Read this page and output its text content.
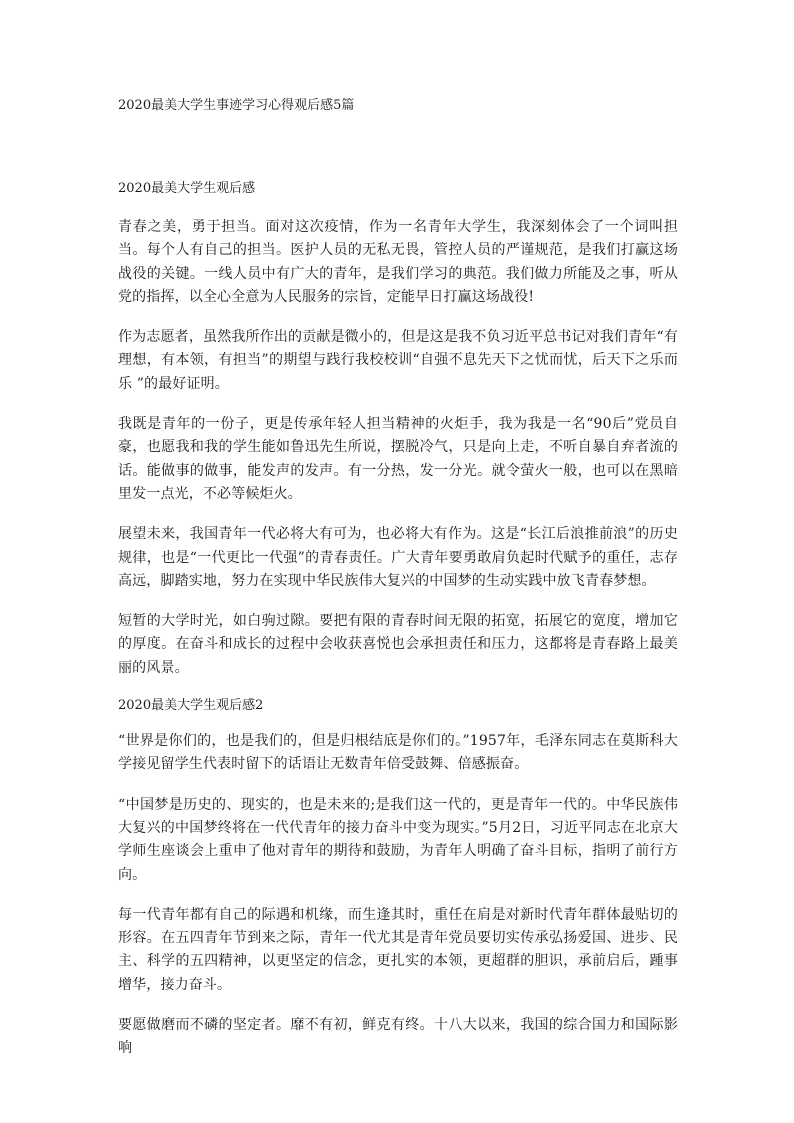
2020最美大学生事迹学习心得观后感5篇
2020最美大学生观后感

青春之美，勇于担当。面对这次疫情，作为一名青年大学生，我深刻体会了一个词叫担当。每个人有自己的担当。医护人员的无私无畏，管控人员的严谨规范，是我们打赢这场战役的关键。一线人员中有广大的青年，是我们学习的典范。我们做力所能及之事，听从党的指挥，以全心全意为人民服务的宗旨，定能早日打赢这场战役!

作为志愿者，虽然我所作出的贡献是微小的，但是这是我不负习近平总书记对我们青年“有理想，有本领，有担当”的期望与践行我校校训“自强不息先天下之忧而忧，后天下之乐而乐 ”的最好证明。

我既是青年的一份子，更是传承年轻人担当精神的火炬手，我为我是一名“90后”党员自豪，也愿我和我的学生能如鲁迅先生所说，摆脱冷气，只是向上走，不听自暴自弃者流的话。能做事的做事，能发声的发声。有一分热，发一分光。就令萤火一般，也可以在黑暗里发一点光，不必等候炬火。

展望未来，我国青年一代必将大有可为，也必将大有作为。这是“长江后浪推前浪”的历史规律，也是“一代更比一代强”的青春责任。广大青年要勇敢肩负起时代赋予的重任，志存高远，脚踏实地，努力在实现中华民族伟大复兴的中国梦的生动实践中放飞青春梦想。

短暂的大学时光，如白驹过隙。要把有限的青春时间无限的拓宽，拓展它的宽度，增加它的厚度。在奋斗和成长的过程中会收获喜悦也会承担责任和压力，这都将是青春路上最美丽的风景。

2020最美大学生观后感2

“世界是你们的，也是我们的，但是归根结底是你们的。”1957年，毛泽东同志在莫斯科大学接见留学生代表时留下的话语让无数青年倍受鼓舞、倍感振奋。

“中国梦是历史的、现实的，也是未来的;是我们这一代的，更是青年一代的。中华民族伟大复兴的中国梦终将在一代代青年的接力奋斗中变为现实。”5月2日，习近平同志在北京大学师生座谈会上重申了他对青年的期待和鼓励，为青年人明确了奋斗目标，指明了前行方向。

每一代青年都有自己的际遇和机缘，而生逢其时，重任在肩是对新时代青年群体最贴切的形容。在五四青年节到来之际，青年一代尤其是青年党员要切实传承弘扬爱国、进步、民主、科学的五四精神，以更坚定的信念，更扎实的本领，更超群的胆识，承前启后，踵事增华，接力奋斗。

要愿做磨而不磷的坚定者。靡不有初，鲜克有终。十八大以来，我国的综合国力和国际影响
